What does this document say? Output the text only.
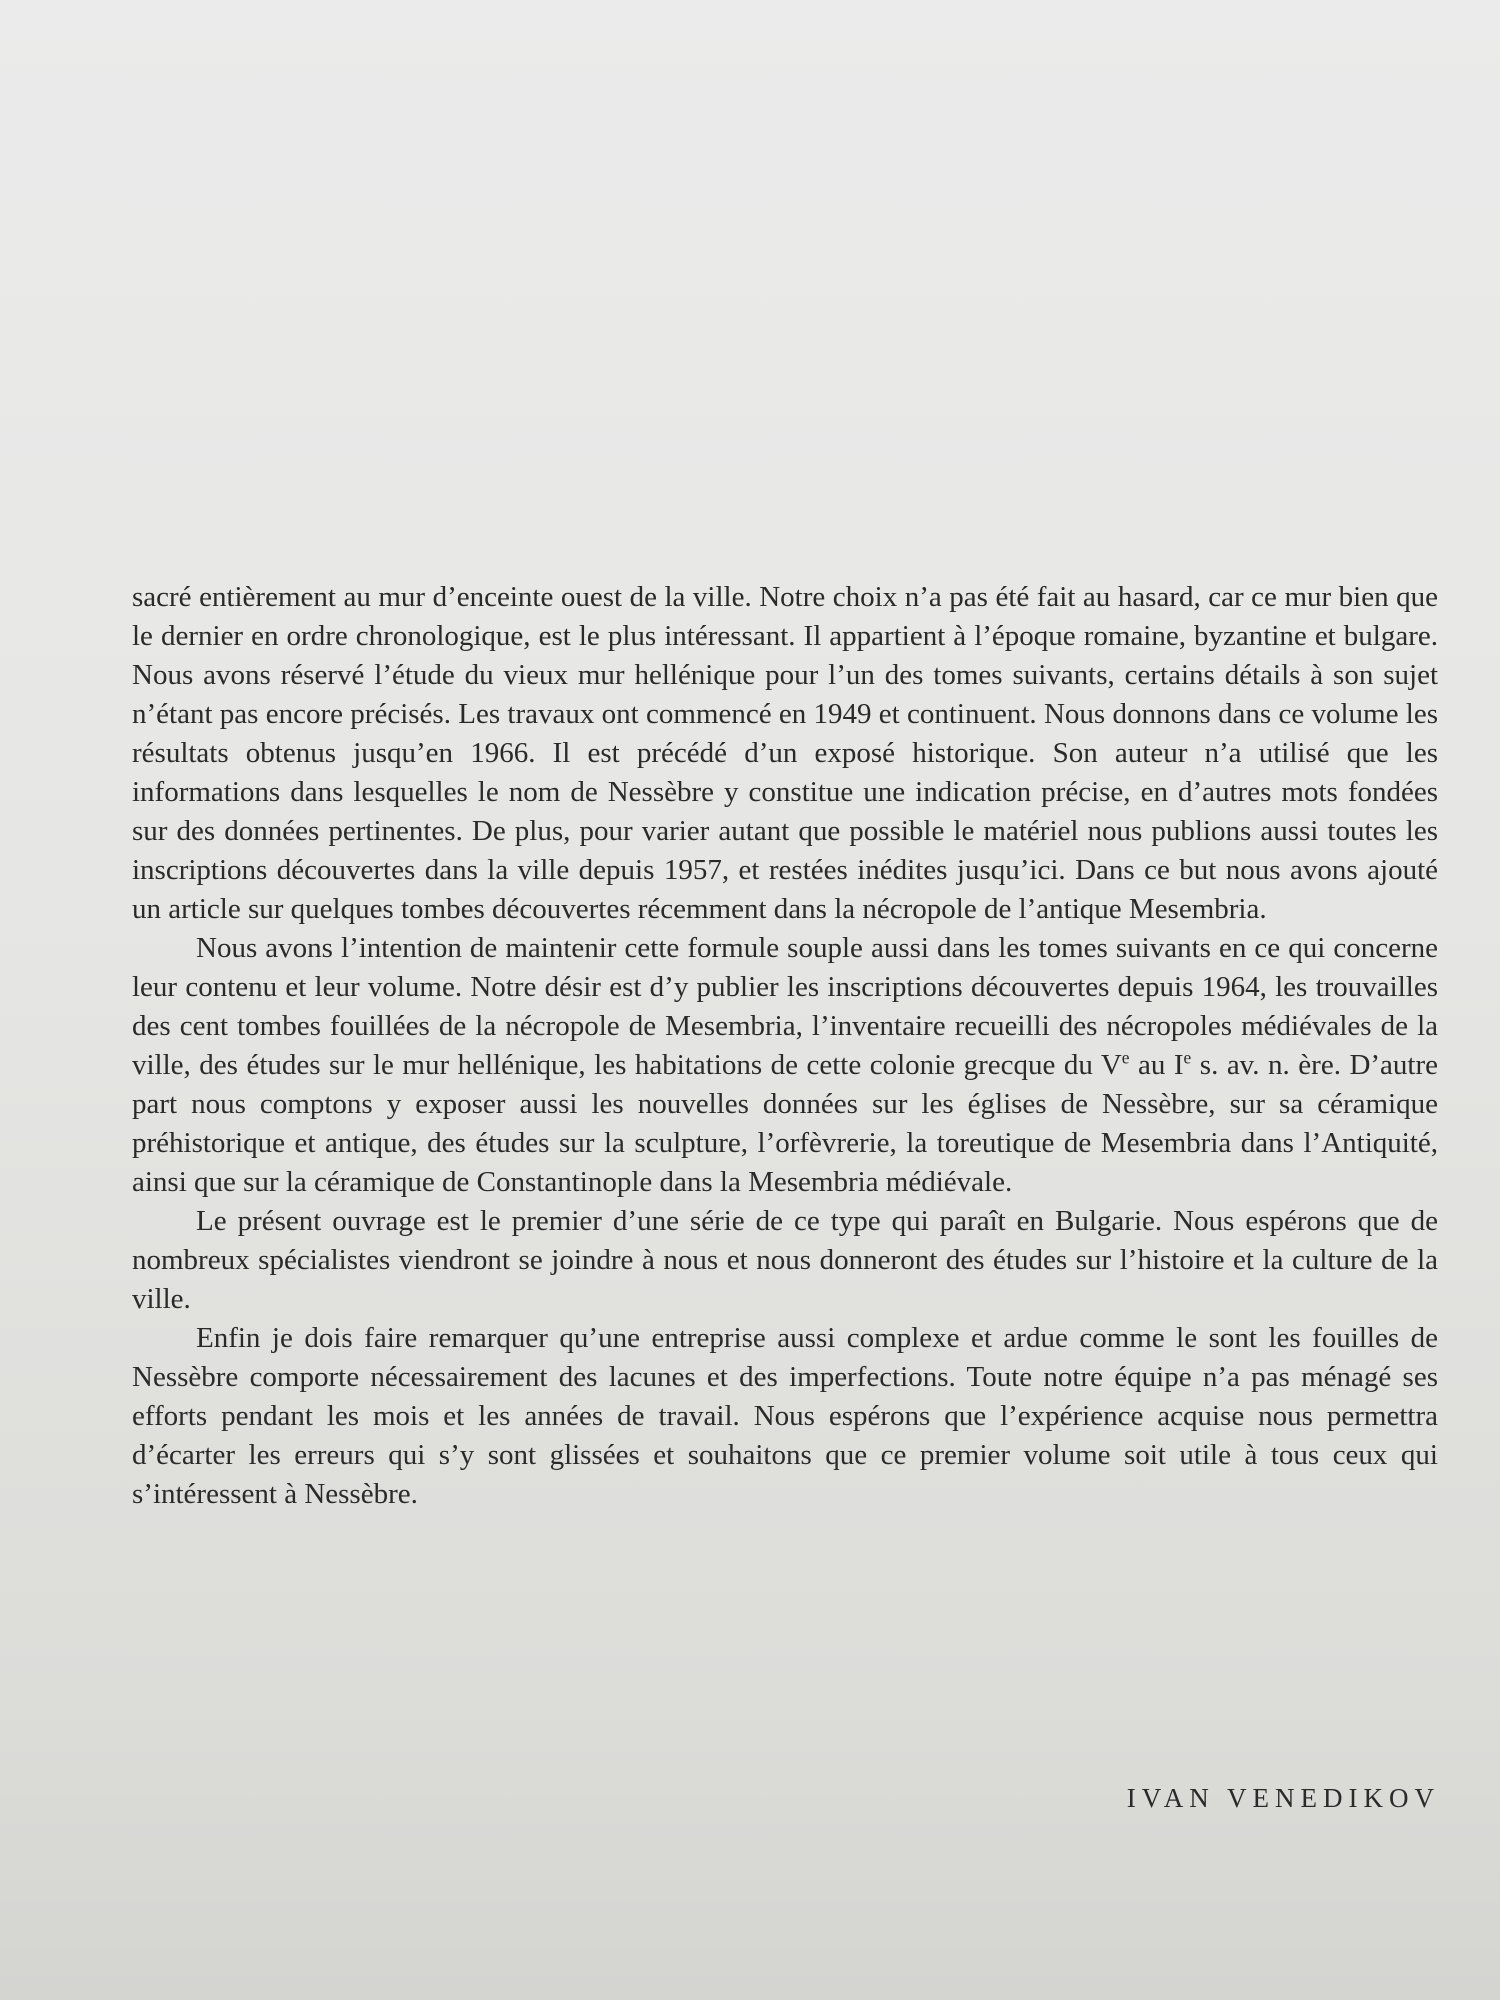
sacré entièrement au mur d’enceinte ouest de la ville. Notre choix n’a pas été fait au hasard, car ce mur bien que le dernier en ordre chronologique, est le plus intéressant. Il appartient à l’époque romaine, byzantine et bulgare. Nous avons réservé l’étude du vieux mur hellénique pour l’un des tomes suivants, certains détails à son sujet n’étant pas encore précisés. Les travaux ont commencé en 1949 et continuent. Nous donnons dans ce volume les résultats obtenus jusqu’en 1966. Il est précédé d’un exposé historique. Son auteur n’a utilisé que les informations dans lesquelles le nom de Nessèbre y constitue une indication précise, en d’autres mots fondées sur des données pertinentes. De plus, pour varier autant que possible le matériel nous publions aussi toutes les inscriptions découvertes dans la ville depuis 1957, et restées inédites jusqu’ici. Dans ce but nous avons ajouté un article sur quelques tombes découvertes récemment dans la nécropole de l’antique Mesembria.

Nous avons l’intention de maintenir cette formule souple aussi dans les tomes suivants en ce qui concerne leur contenu et leur volume. Notre désir est d’y publier les inscriptions découvertes depuis 1964, les trouvailles des cent tombes fouillées de la nécropole de Mesembria, l’inventaire recueilli des nécropoles médiévales de la ville, des études sur le mur hellénique, les habitations de cette colonie grecque du Ve au Ie s. av. n. ère. D’autre part nous comptons y exposer aussi les nouvelles données sur les églises de Nessèbre, sur sa céramique préhistorique et antique, des études sur la sculpture, l’orfèvrerie, la toreutique de Mesembria dans l’Antiquité, ainsi que sur la céramique de Constantinople dans la Mesembria médiévale.

Le présent ouvrage est le premier d’une série de ce type qui paraît en Bulgarie. Nous espérons que de nombreux spécialistes viendront se joindre à nous et nous donneront des études sur l’histoire et la culture de la ville.

Enfin je dois faire remarquer qu’une entreprise aussi complexe et ardue comme le sont les fouilles de Nessèbre comporte nécessairement des lacunes et des imperfections. Toute notre équipe n’a pas ménagé ses efforts pendant les mois et les années de travail. Nous espérons que l’expérience acquise nous permettra d’écarter les erreurs qui s’y sont glissées et souhaitons que ce premier volume soit utile à tous ceux qui s’intéressent à Nessèbre.

IVAN VENEDIKOV
